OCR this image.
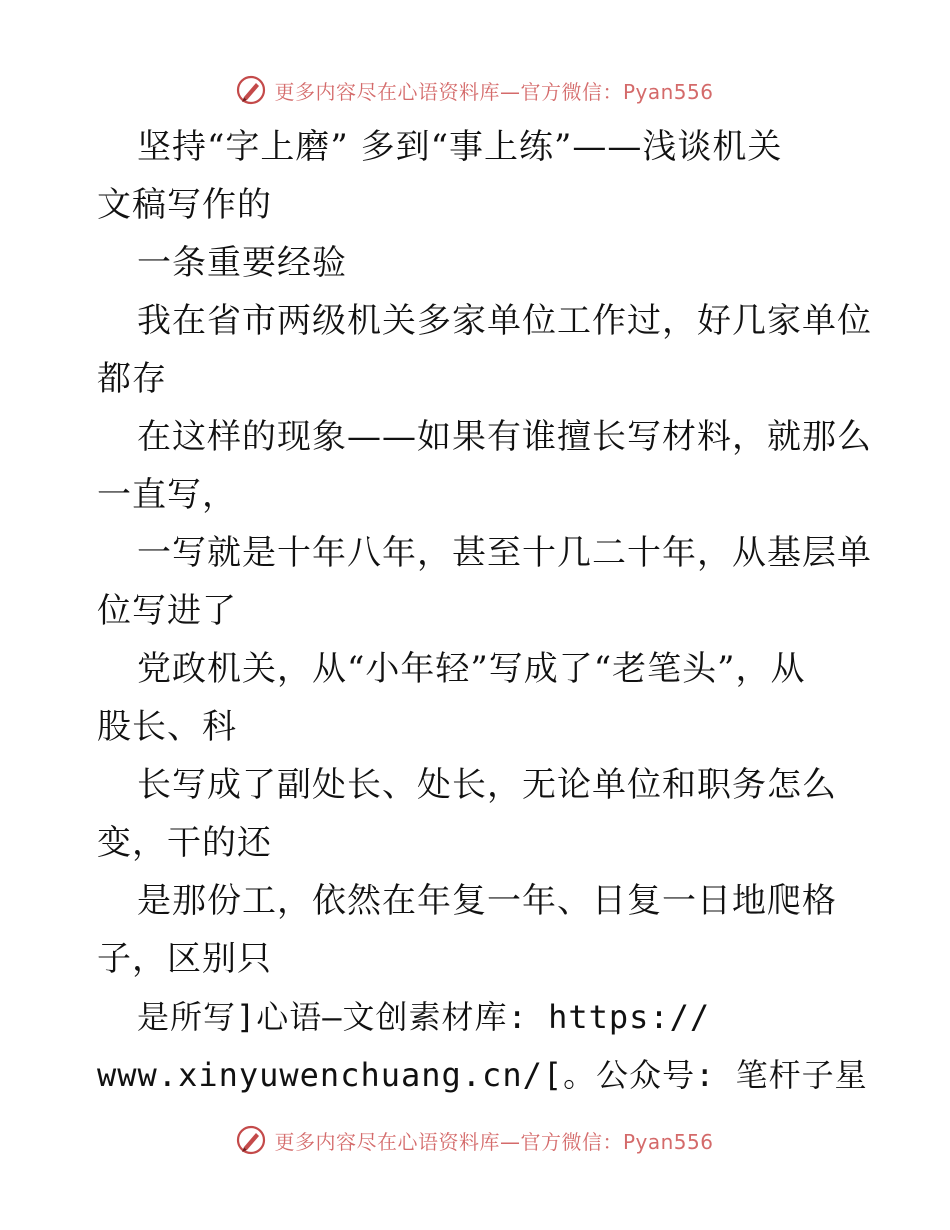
更多内容尽在心语资料库—官方微信：Pyan556
坚持“字上磨” 多到“事上练”——浅谈机关
文稿写作的
一条重要经验
我在省市两级机关多家单位工作过，好几家单位
都存
在这样的现象——如果有谁擅长写材料，就那么
一直写，
一写就是十年八年，甚至十几二十年，从基层单
位写进了
党政机关，从“小年轻”写成了“老笔头”，从
股长、科
长写成了副处长、处长，无论单位和职务怎么
变，干的还
是那份工，依然在年复一年、日复一日地爬格
子，区别只
是所写]心语—文创素材库: https://
www.xinyuwenchuang.cn/[。公众号: 笔杆子星
更多内容尽在心语资料库—官方微信：Pyan556
